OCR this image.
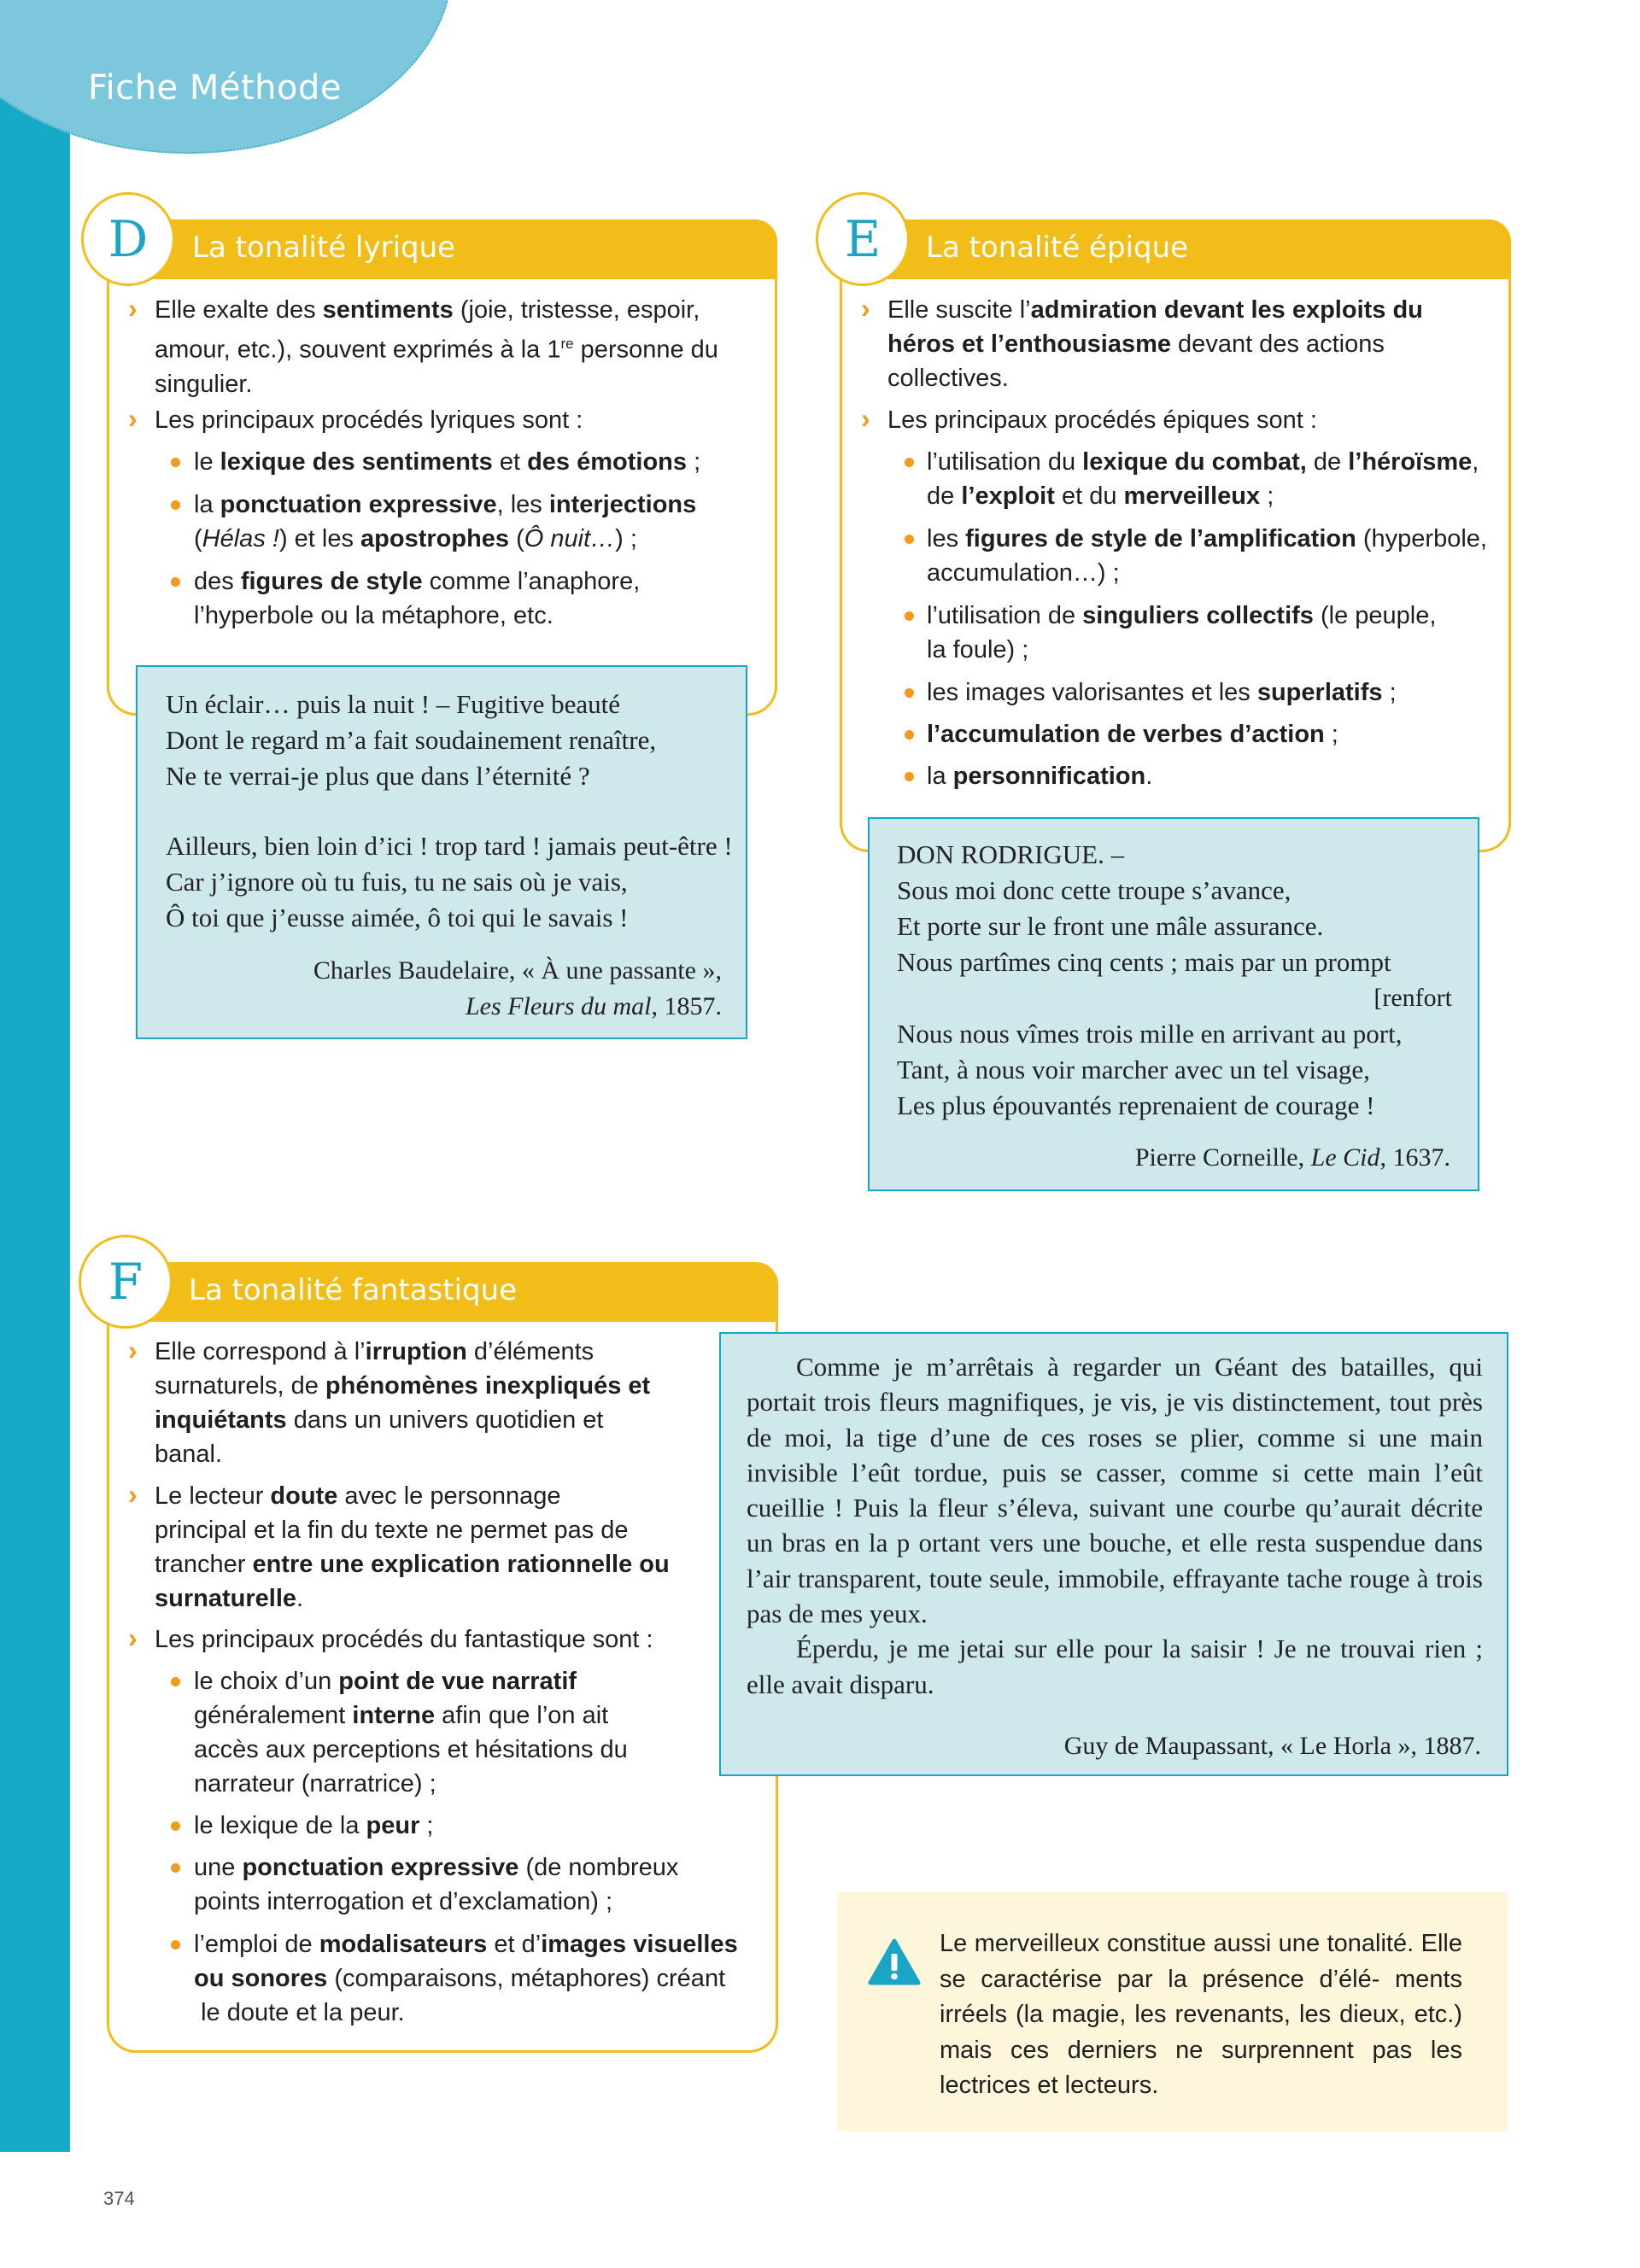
Fiche Méthode
La tonalité lyrique
D
› Elle exalte des sentiments (joie, tristesse, espoir,
amour, etc.), souvent exprimés à la 1re personne du
singulier.
› Les principaux procédés lyriques sont :
le lexique des sentiments et des émotions ;
la ponctuation expressive, les interjections
(Hélas !) et les apostrophes (Ô nuit…) ;
des figures de style comme l’anaphore,
l’hyperbole ou la métaphore, etc.
Un éclair… puis la nuit ! – Fugitive beauté
Dont le regard m’a fait soudainement renaître,
Ne te verrai-je plus que dans l’éternité ?
Ailleurs, bien loin d’ici ! trop tard ! jamais peut-être !
Car j’ignore où tu fuis, tu ne sais où je vais,
Ô toi que j’eusse aimée, ô toi qui le savais !
Charles Baudelaire, « À une passante »,
Les Fleurs du mal, 1857.
La tonalité épique
E
› Elle suscite l’admiration devant les exploits du
héros et l’enthousiasme devant des actions
collectives.
› Les principaux procédés épiques sont :
l’utilisation du lexique du combat, de l’héroïsme,
de l’exploit et du merveilleux ;
les figures de style de l’amplification (hyperbole,
accumulation…) ;
l’utilisation de singuliers collectifs (le peuple,
la foule) ;
les images valorisantes et les superlatifs ;
l’accumulation de verbes d’action ;
la personnification.
DON RODRIGUE. –
Sous moi donc cette troupe s’avance,
Et porte sur le front une mâle assurance.
Nous partîmes cinq cents ; mais par un prompt
[renfort
Nous nous vîmes trois mille en arrivant au port,
Tant, à nous voir marcher avec un tel visage,
Les plus épouvantés reprenaient de courage !
Pierre Corneille, Le Cid, 1637.
La tonalité fantastique
F
› Elle correspond à l’irruption d’éléments
surnaturels, de phénomènes inexpliqués et
inquiétants dans un univers quotidien et
banal.
› Le lecteur doute avec le personnage
principal et la fin du texte ne permet pas de
trancher entre une explication rationnelle ou
surnaturelle.
› Les principaux procédés du fantastique sont :
le choix d’un point de vue narratif
généralement interne afin que l’on ait
accès aux perceptions et hésitations du
narrateur (narratrice) ;
le lexique de la peur ;
une ponctuation expressive (de nombreux
points interrogation et d’exclamation) ;
l’emploi de modalisateurs et d’images visuelles
ou sonores (comparaisons, métaphores) créant
le doute et la peur.

Comme je m’arrêtais à regarder un Géant des batailles, qui portait trois fleurs magnifiques, je vis, je vis distinctement, tout près de moi, la tige d’une de ces roses se plier, comme si une main invisible l’eût tordue, puis se casser, comme si cette main l’eût cueillie ! Puis la fleur s’éleva, suivant une courbe qu’aurait décrite un bras en la p ortant vers une bouche, et elle resta suspendue dans l’air transparent, toute seule, immobile, effrayante tache rouge à trois pas de mes yeux.

Éperdu, je me jetai sur elle pour la saisir ! Je ne trouvai rien ; elle avait disparu.

Guy de Maupassant, « Le Horla », 1887.
Le merveilleux constitue aussi une tonalité. Elle se caractérise par la présence d’élé- ments irréels (la magie, les revenants, les dieux, etc.) mais ces derniers ne surprennent pas les lectrices et lecteurs.
374
